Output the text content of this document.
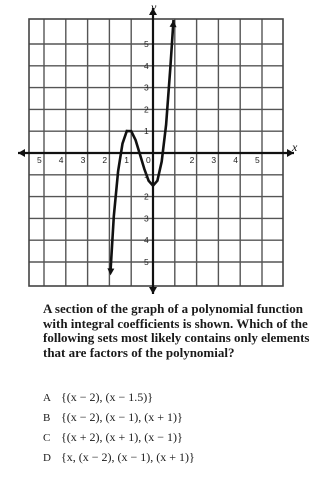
5 4 3 2 1 0	2 3 4 5
5
4
3
2
1
1
2
3
4
5
x
y

A section of the graph of a polynomial function with integral coefficients is shown. Which of the following sets most likely contains only elements that are factors of the polynomial?

A {(x − 2), (x − 1.5)}
B {(x − 2), (x − 1), (x + 1)}
C {(x + 2), (x + 1), (x − 1)}
D {x, (x − 2), (x − 1), (x + 1)}
